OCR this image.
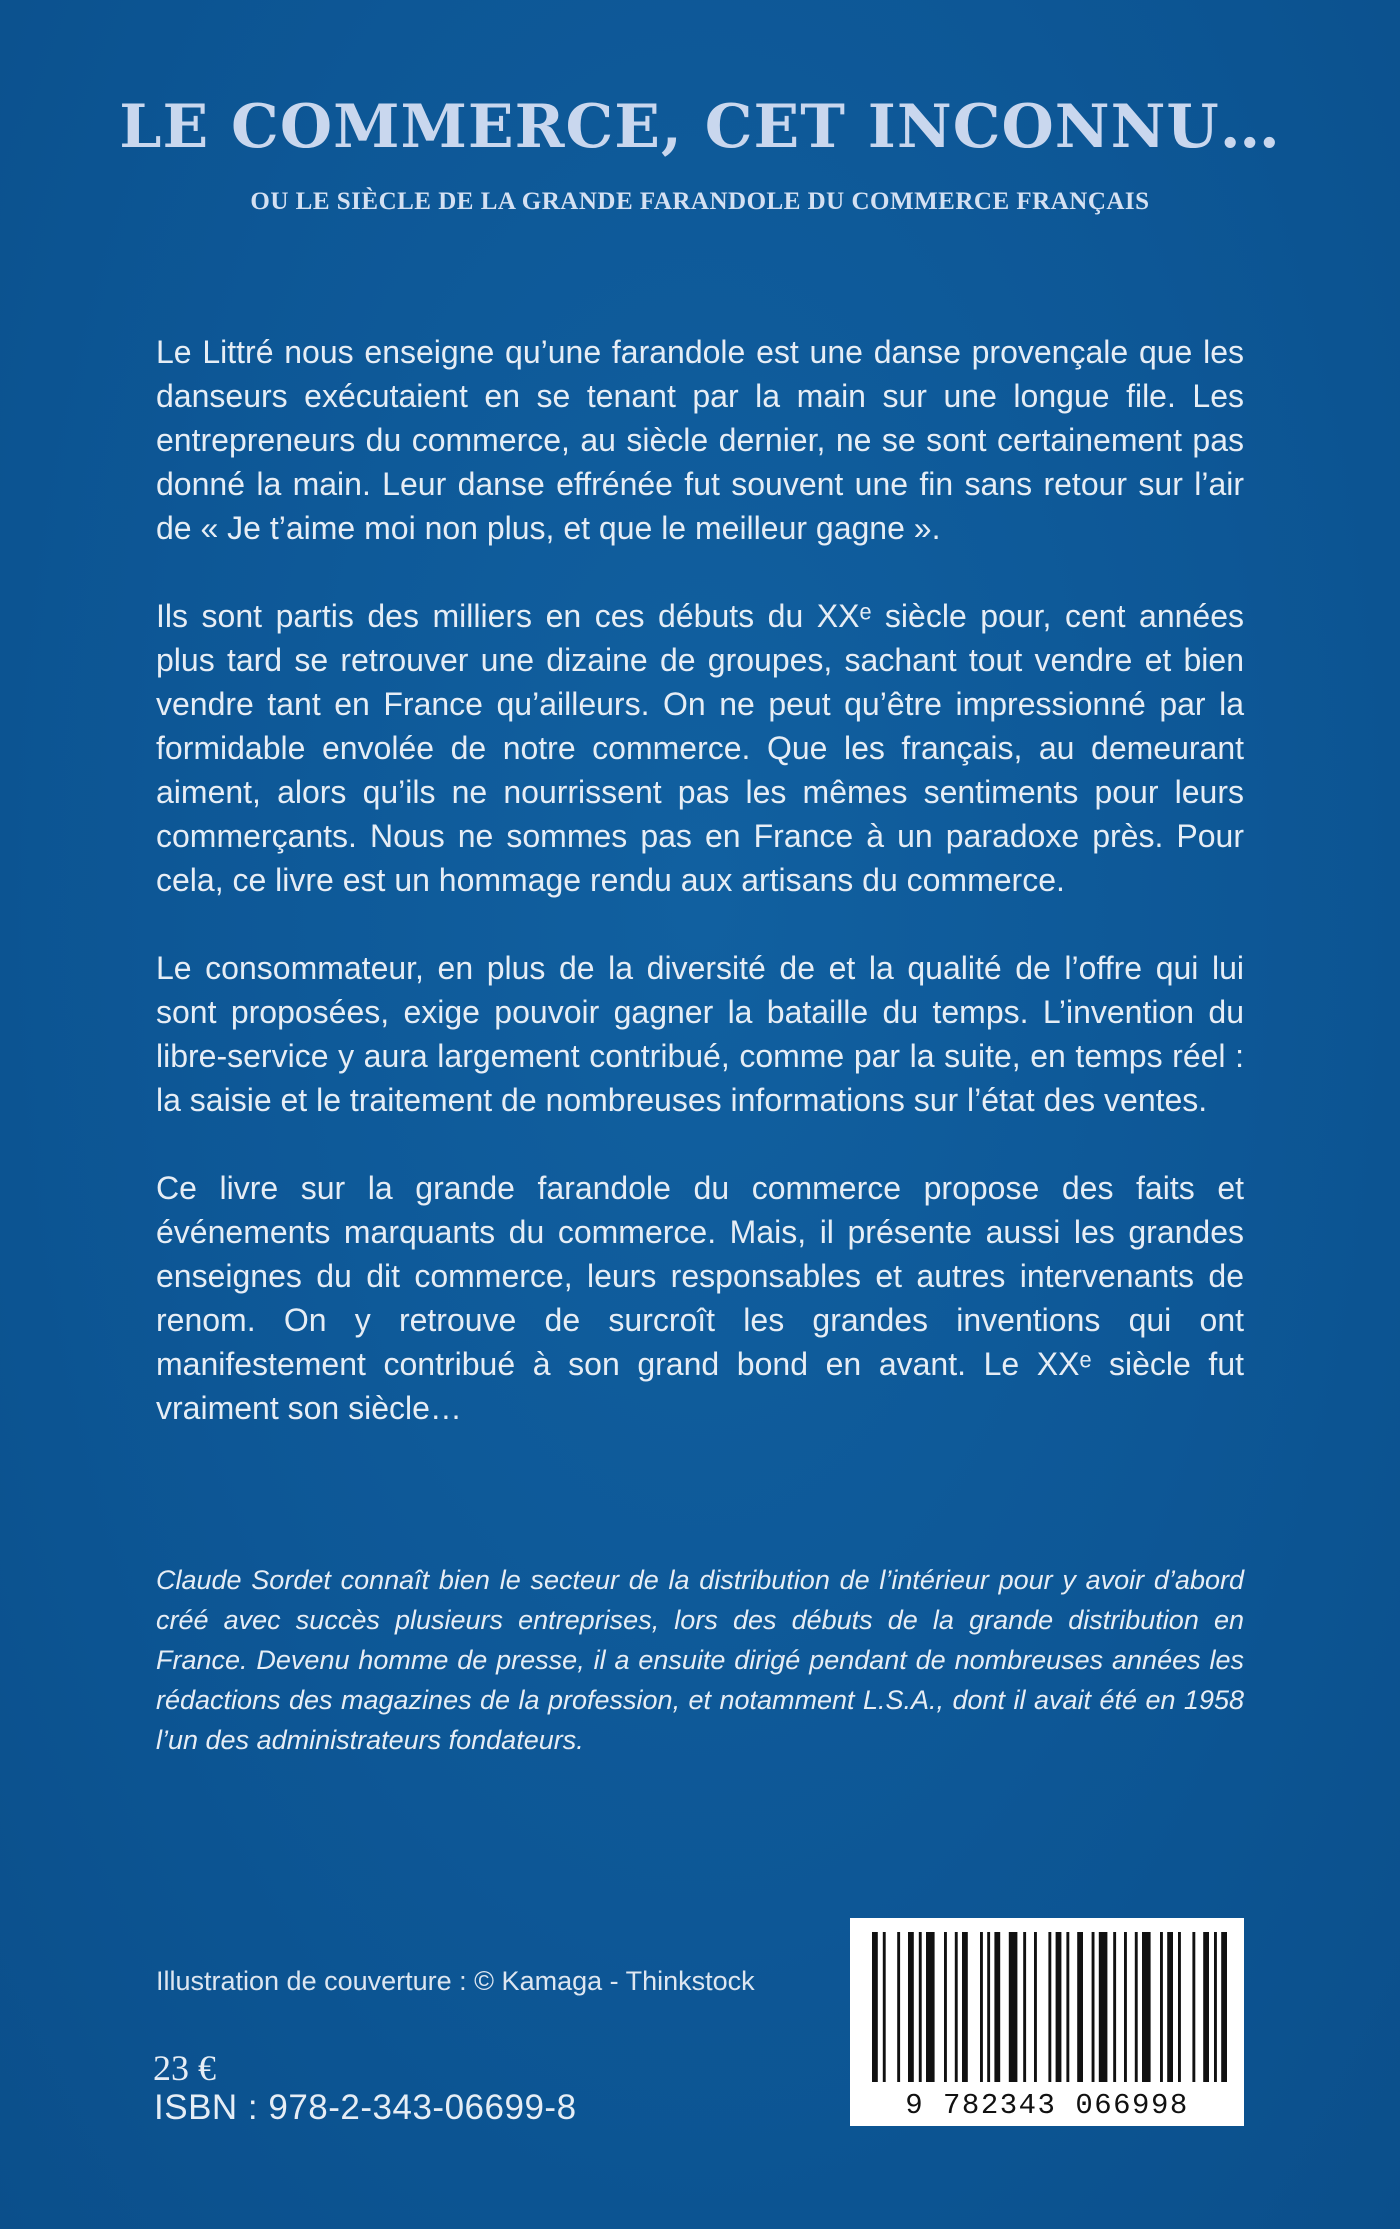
LE COMMERCE, CET INCONNU…
OU LE SIÈCLE DE LA GRANDE FARANDOLE DU COMMERCE FRANÇAIS

Le Littré nous enseigne qu’une farandole est une danse provençale que les danseurs exécutaient en se tenant par la main sur une longue file. Les entrepreneurs du commerce, au siècle dernier, ne se sont certainement pas donné la main. Leur danse effrénée fut souvent une fin sans retour sur l’air de « Je t’aime moi non plus, et que le meilleur gagne ».

Ils sont partis des milliers en ces débuts du XXᵉ siècle pour, cent années plus tard se retrouver une dizaine de groupes, sachant tout vendre et bien vendre tant en France qu’ailleurs. On ne peut qu’être impressionné par la formidable envolée de notre commerce. Que les français, au demeurant aiment, alors qu’ils ne nourrissent pas les mêmes sentiments pour leurs commerçants. Nous ne sommes pas en France à un paradoxe près. Pour cela, ce livre est un hommage rendu aux artisans du commerce.

Le consommateur, en plus de la diversité de et la qualité de l’offre qui lui sont proposées, exige pouvoir gagner la bataille du temps. L’invention du libre-service y aura largement contribué, comme par la suite, en temps réel : la saisie et le traitement de nombreuses informations sur l’état des ventes.

Ce livre sur la grande farandole du commerce propose des faits et événements marquants du commerce. Mais, il présente aussi les grandes enseignes du dit commerce, leurs responsables et autres intervenants de renom. On y retrouve de surcroît les grandes inventions qui ont manifestement contribué à son grand bond en avant. Le XXᵉ siècle fut vraiment son siècle…

Claude Sordet connaît bien le secteur de la distribution de l’intérieur pour y avoir d’abord créé avec succès plusieurs entreprises, lors des débuts de la grande distribution en France. Devenu homme de presse, il a ensuite dirigé pendant de nombreuses années les rédactions des magazines de la profession, et notamment L.S.A., dont il avait été en 1958 l’un des administrateurs fondateurs.

Illustration de couverture : © Kamaga - Thinkstock

23 €

ISBN : 978-2-343-06699-8	9 782343 066998
